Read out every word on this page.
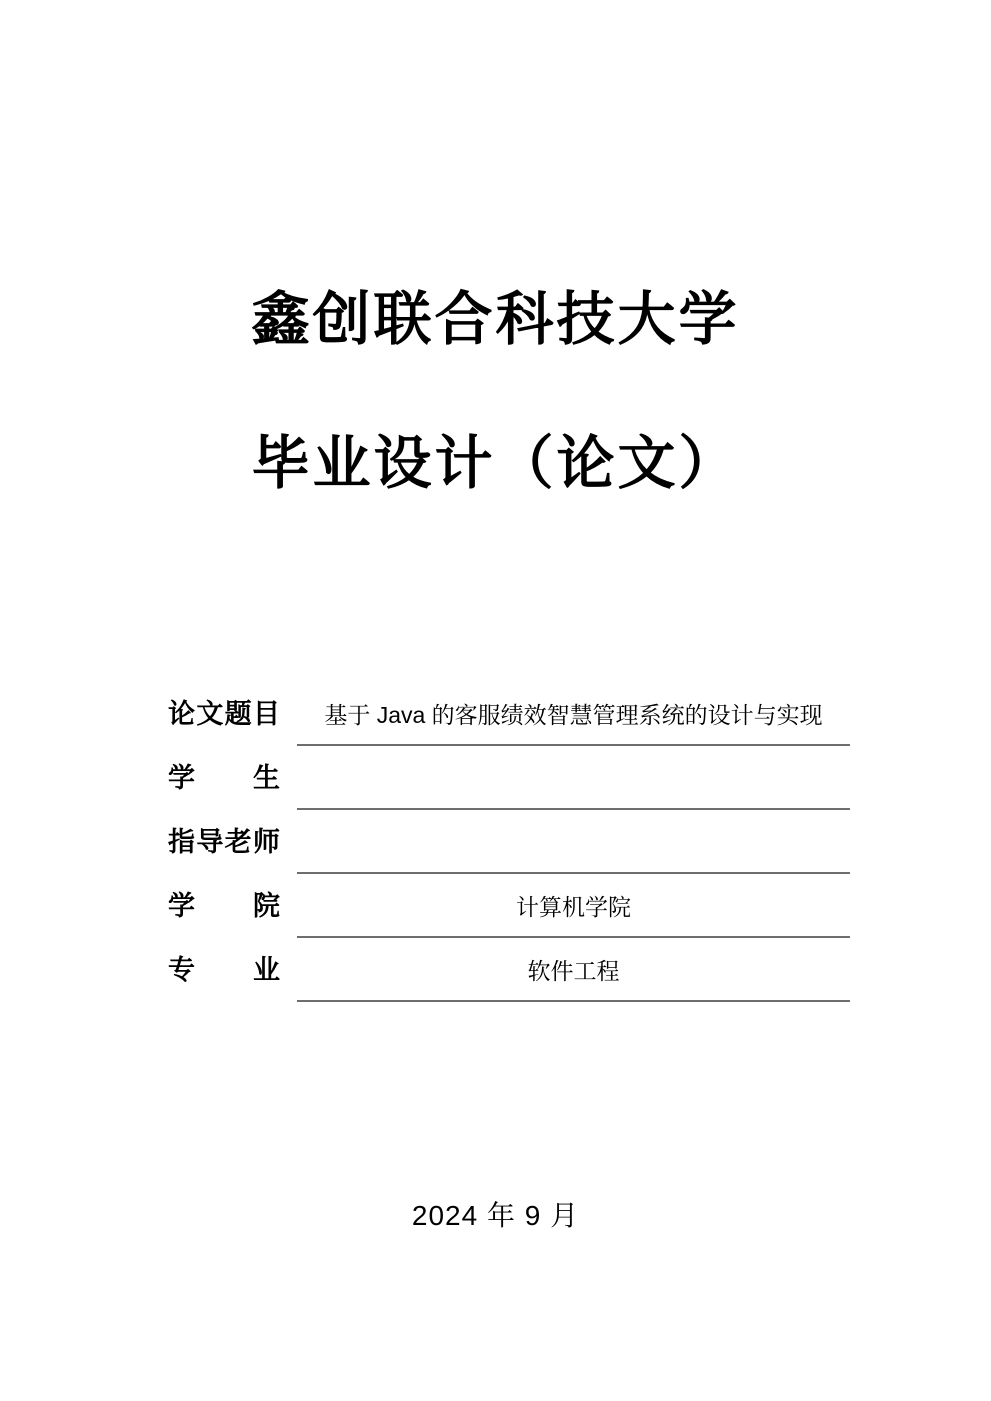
鑫创联合科技大学
毕业设计（论文）
论文题目	基于 Java 的客服绩效智慧管理系统的设计与实现
学生
指导老师
学院	计算机学院
专业	软件工程
2024 年 9 月
